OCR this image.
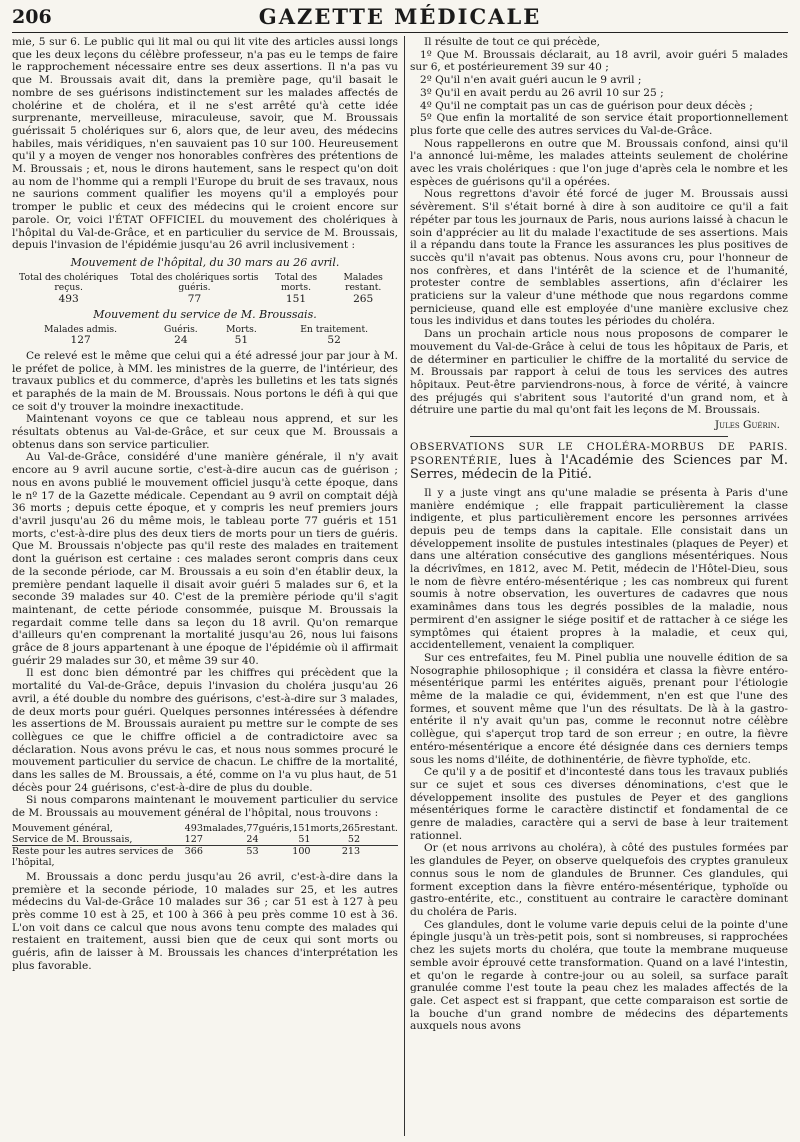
206	GAZETTE MÉDICALE

mie, 5 sur 6. Le public qui lit mal ou qui lit vite des articles aussi longs que les deux leçons du célèbre professeur, n'a pas eu le temps de faire le rapprochement nécessaire entre ses deux assertions. Il n'a pas vu que M. Broussais avait dit, dans la première page, qu'il basait le nombre de ses guérisons indistinctement sur les malades affectés de cholérine et de choléra, et il ne s'est arrêté qu'à cette idée surprenante, merveilleuse, miraculeuse, savoir, que M. Broussais guérissait 5 cholériques sur 6, alors que, de leur aveu, des médecins habiles, mais véridiques, n'en sauvaient pas 10 sur 100. Heureusement qu'il y a moyen de venger nos honorables confrères des prétentions de M. Broussais ; et, nous le dirons hautement, sans le respect qu'on doit au nom de l'homme qui a rempli l'Europe du bruit de ses travaux, nous ne saurions comment qualifier les moyens qu'il a employés pour tromper le public et ceux des médecins qui le croient encore sur parole. Or, voici l'ÉTAT OFFICIEL du mouvement des cholériques à l'hôpital du Val-de-Grâce, et en particulier du service de M. Broussais, depuis l'invasion de l'épidémie jusqu'au 26 avril inclusivement :

Mouvement de l'hôpital, du 30 mars au 26 avril.

Total des cholériques reçus.	Total des cholériques sortis guéris.	Total des morts.	Malades restant.
493	77	151	265

Mouvement du service de M. Broussais.

Malades admis.	Guéris.	Morts.	En traitement.
127	24	51	52

Ce relevé est le même que celui qui a été adressé jour par jour à M. le préfet de police, à MM. les ministres de la guerre, de l'intérieur, des travaux publics et du commerce, d'après les bulletins et les tats signés et paraphés de la main de M. Broussais. Nous portons le défi à qui que ce soit d'y trouver la moindre inexactitude.

Maintenant voyons ce que ce tableau nous apprend, et sur les résultats obtenus au Val-de-Grâce, et sur ceux que M. Broussais a obtenus dans son service particulier.

Au Val-de-Grâce, considéré d'une manière générale, il n'y avait encore au 9 avril aucune sortie, c'est-à-dire aucun cas de guérison ; nous en avons publié le mouvement officiel jusqu'à cette époque, dans le nº 17 de la Gazette médicale. Cependant au 9 avril on comptait déjà 36 morts ; depuis cette époque, et y compris les neuf premiers jours d'avril jusqu'au 26 du même mois, le tableau porte 77 guéris et 151 morts, c'est-à-dire plus des deux tiers de morts pour un tiers de guéris. Que M. Broussais n'objecte pas qu'il reste des malades en traitement dont la guérison est certaine : ces malades seront compris dans ceux de la seconde période, car M. Broussais a eu soin d'en établir deux, la première pendant laquelle il disait avoir guéri 5 malades sur 6, et la seconde 39 malades sur 40. C'est de la première période qu'il s'agit maintenant, de cette période consommée, puisque M. Broussais la regardait comme telle dans sa leçon du 18 avril. Qu'on remarque d'ailleurs qu'en comprenant la mortalité jusqu'au 26, nous lui faisons grâce de 8 jours appartenant à une époque de l'épidémie où il affirmait guérir 29 malades sur 30, et même 39 sur 40.

Il est donc bien démontré par les chiffres qui précèdent que la mortalité du Val-de-Grâce, depuis l'invasion du choléra jusqu'au 26 avril, a été double du nombre des guérisons, c'est-à-dire sur 3 malades, de deux morts pour guéri. Quelques personnes intéressées à défendre les assertions de M. Broussais auraient pu mettre sur le compte de ses collègues ce que le chiffre officiel a de contradictoire avec sa déclaration. Nous avons prévu le cas, et nous nous sommes procuré le mouvement particulier du service de chacun. Le chiffre de la mortalité, dans les salles de M. Broussais, a été, comme on l'a vu plus haut, de 51 décès pour 24 guérisons, c'est-à-dire de plus du double.

Si nous comparons maintenant le mouvement particulier du service de M. Broussais au mouvement général de l'hôpital, nous trouvons :

Mouvement général,	493	malades,	77	guéris,	151	morts,	265	restant.
Service de M. Broussais,	127		24		51		52	
Reste pour les autres services de l'hôpital,	366		53		100		213	

M. Broussais a donc perdu jusqu'au 26 avril, c'est-à-dire dans la première et la seconde période, 10 malades sur 25, et les autres médecins du Val-de-Grâce 10 malades sur 36 ; car 51 est à 127 à peu près comme 10 est à 25, et 100 à 366 à peu près comme 10 est à 36. L'on voit dans ce calcul que nous avons tenu compte des malades qui restaient en traitement, aussi bien que de ceux qui sont morts ou guéris, afin de laisser à M. Broussais les chances d'interprétation les plus favorable.

Il résulte de tout ce qui précède,

1º Que M. Broussais déclarait, au 18 avril, avoir guéri 5 malades sur 6, et postérieurement 39 sur 40 ;

2º Qu'il n'en avait guéri aucun le 9 avril ;

3º Qu'il en avait perdu au 26 avril 10 sur 25 ;

4º Qu'il ne comptait pas un cas de guérison pour deux décès ;

5º Que enfin la mortalité de son service était proportionnellement plus forte que celle des autres services du Val-de-Grâce.

Nous rappellerons en outre que M. Broussais confond, ainsi qu'il l'a annoncé lui-même, les malades atteints seulement de cholérine avec les vrais cholériques : que l'on juge d'après cela le nombre et les espèces de guérisons qu'il a opérées.

Nous regrettons d'avoir été forcé de juger M. Broussais aussi sévèrement. S'il s'était borné à dire à son auditoire ce qu'il a fait répéter par tous les journaux de Paris, nous aurions laissé à chacun le soin d'apprécier au lit du malade l'exactitude de ses assertions. Mais il a répandu dans toute la France les assurances les plus positives de succès qu'il n'avait pas obtenus. Nous avons cru, pour l'honneur de nos confrères, et dans l'intérêt de la science et de l'humanité, protester contre de semblables assertions, afin d'éclairer les praticiens sur la valeur d'une méthode que nous regardons comme pernicieuse, quand elle est employée d'une manière exclusive chez tous les individus et dans toutes les périodes du choléra.

Dans un prochain article nous nous proposons de comparer le mouvement du Val-de-Grâce à celui de tous les hôpitaux de Paris, et de déterminer en particulier le chiffre de la mortalité du service de M. Broussais par rapport à celui de tous les services des autres hôpitaux. Peut-être parviendrons-nous, à force de vérité, à vaincre des préjugés qui s'abritent sous l'autorité d'un grand nom, et à détruire une partie du mal qu'ont fait les leçons de M. Broussais.

Jules Guérin.

OBSERVATIONS SUR LE CHOLÉRA-MORBUS DE PARIS. PSORENTÉRIE, lues à l'Académie des Sciences par M. Serres, médecin de la Pitié.

Il y a juste vingt ans qu'une maladie se présenta à Paris d'une manière endémique ; elle frappait particulièrement la classe indigente, et plus particulièrement encore les personnes arrivées depuis peu de temps dans la capitale. Elle consistait dans un développement insolite de pustules intestinales (plaques de Peyer) et dans une altération consécutive des ganglions mésentériques. Nous la décrivîmes, en 1812, avec M. Petit, médecin de l'Hôtel-Dieu, sous le nom de fièvre entéro-mésentérique ; les cas nombreux qui furent soumis à notre observation, les ouvertures de cadavres que nous examinâmes dans tous les degrés possibles de la maladie, nous permirent d'en assigner le siége positif et de rattacher à ce siége les symptômes qui étaient propres à la maladie, et ceux qui, accidentellement, venaient la compliquer.

Sur ces entrefaites, feu M. Pinel publia une nouvelle édition de sa Nosographie philosophique ; il considéra et classa la fièvre entéro-mésentérique parmi les entérites aiguës, prenant pour l'étiologie même de la maladie ce qui, évidemment, n'en est que l'une des formes, et souvent même que l'un des résultats. De là à la gastro-entérite il n'y avait qu'un pas, comme le reconnut notre célèbre collègue, qui s'aperçut trop tard de son erreur ; en outre, la fièvre entéro-mésentérique a encore été désignée dans ces derniers temps sous les noms d'iléite, de dothinentérie, de fièvre typhoïde, etc.

Ce qu'il y a de positif et d'incontesté dans tous les travaux publiés sur ce sujet et sous ces diverses dénominations, c'est que le développement insolite des pustules de Peyer et des ganglions mésentériques forme le caractère distinctif et fondamental de ce genre de maladies, caractère qui a servi de base à leur traitement rationnel.

Or (et nous arrivons au choléra), à côté des pustules formées par les glandules de Peyer, on observe quelquefois des cryptes granuleux connus sous le nom de glandules de Brunner. Ces glandules, qui forment exception dans la fièvre entéro-mésentérique, typhoïde ou gastro-entérite, etc., constituent au contraire le caractère dominant du choléra de Paris.

Ces glandules, dont le volume varie depuis celui de la pointe d'une épingle jusqu'à un très-petit pois, sont si nombreuses, si rapprochées chez les sujets morts du choléra, que toute la membrane muqueuse semble avoir éprouvé cette transformation. Quand on a lavé l'intestin, et qu'on le regarde à contre-jour ou au soleil, sa surface paraît granulée comme l'est toute la peau chez les malades affectés de la gale. Cet aspect est si frappant, que cette comparaison est sortie de la bouche d'un grand nombre de médecins des départements auxquels nous avons
